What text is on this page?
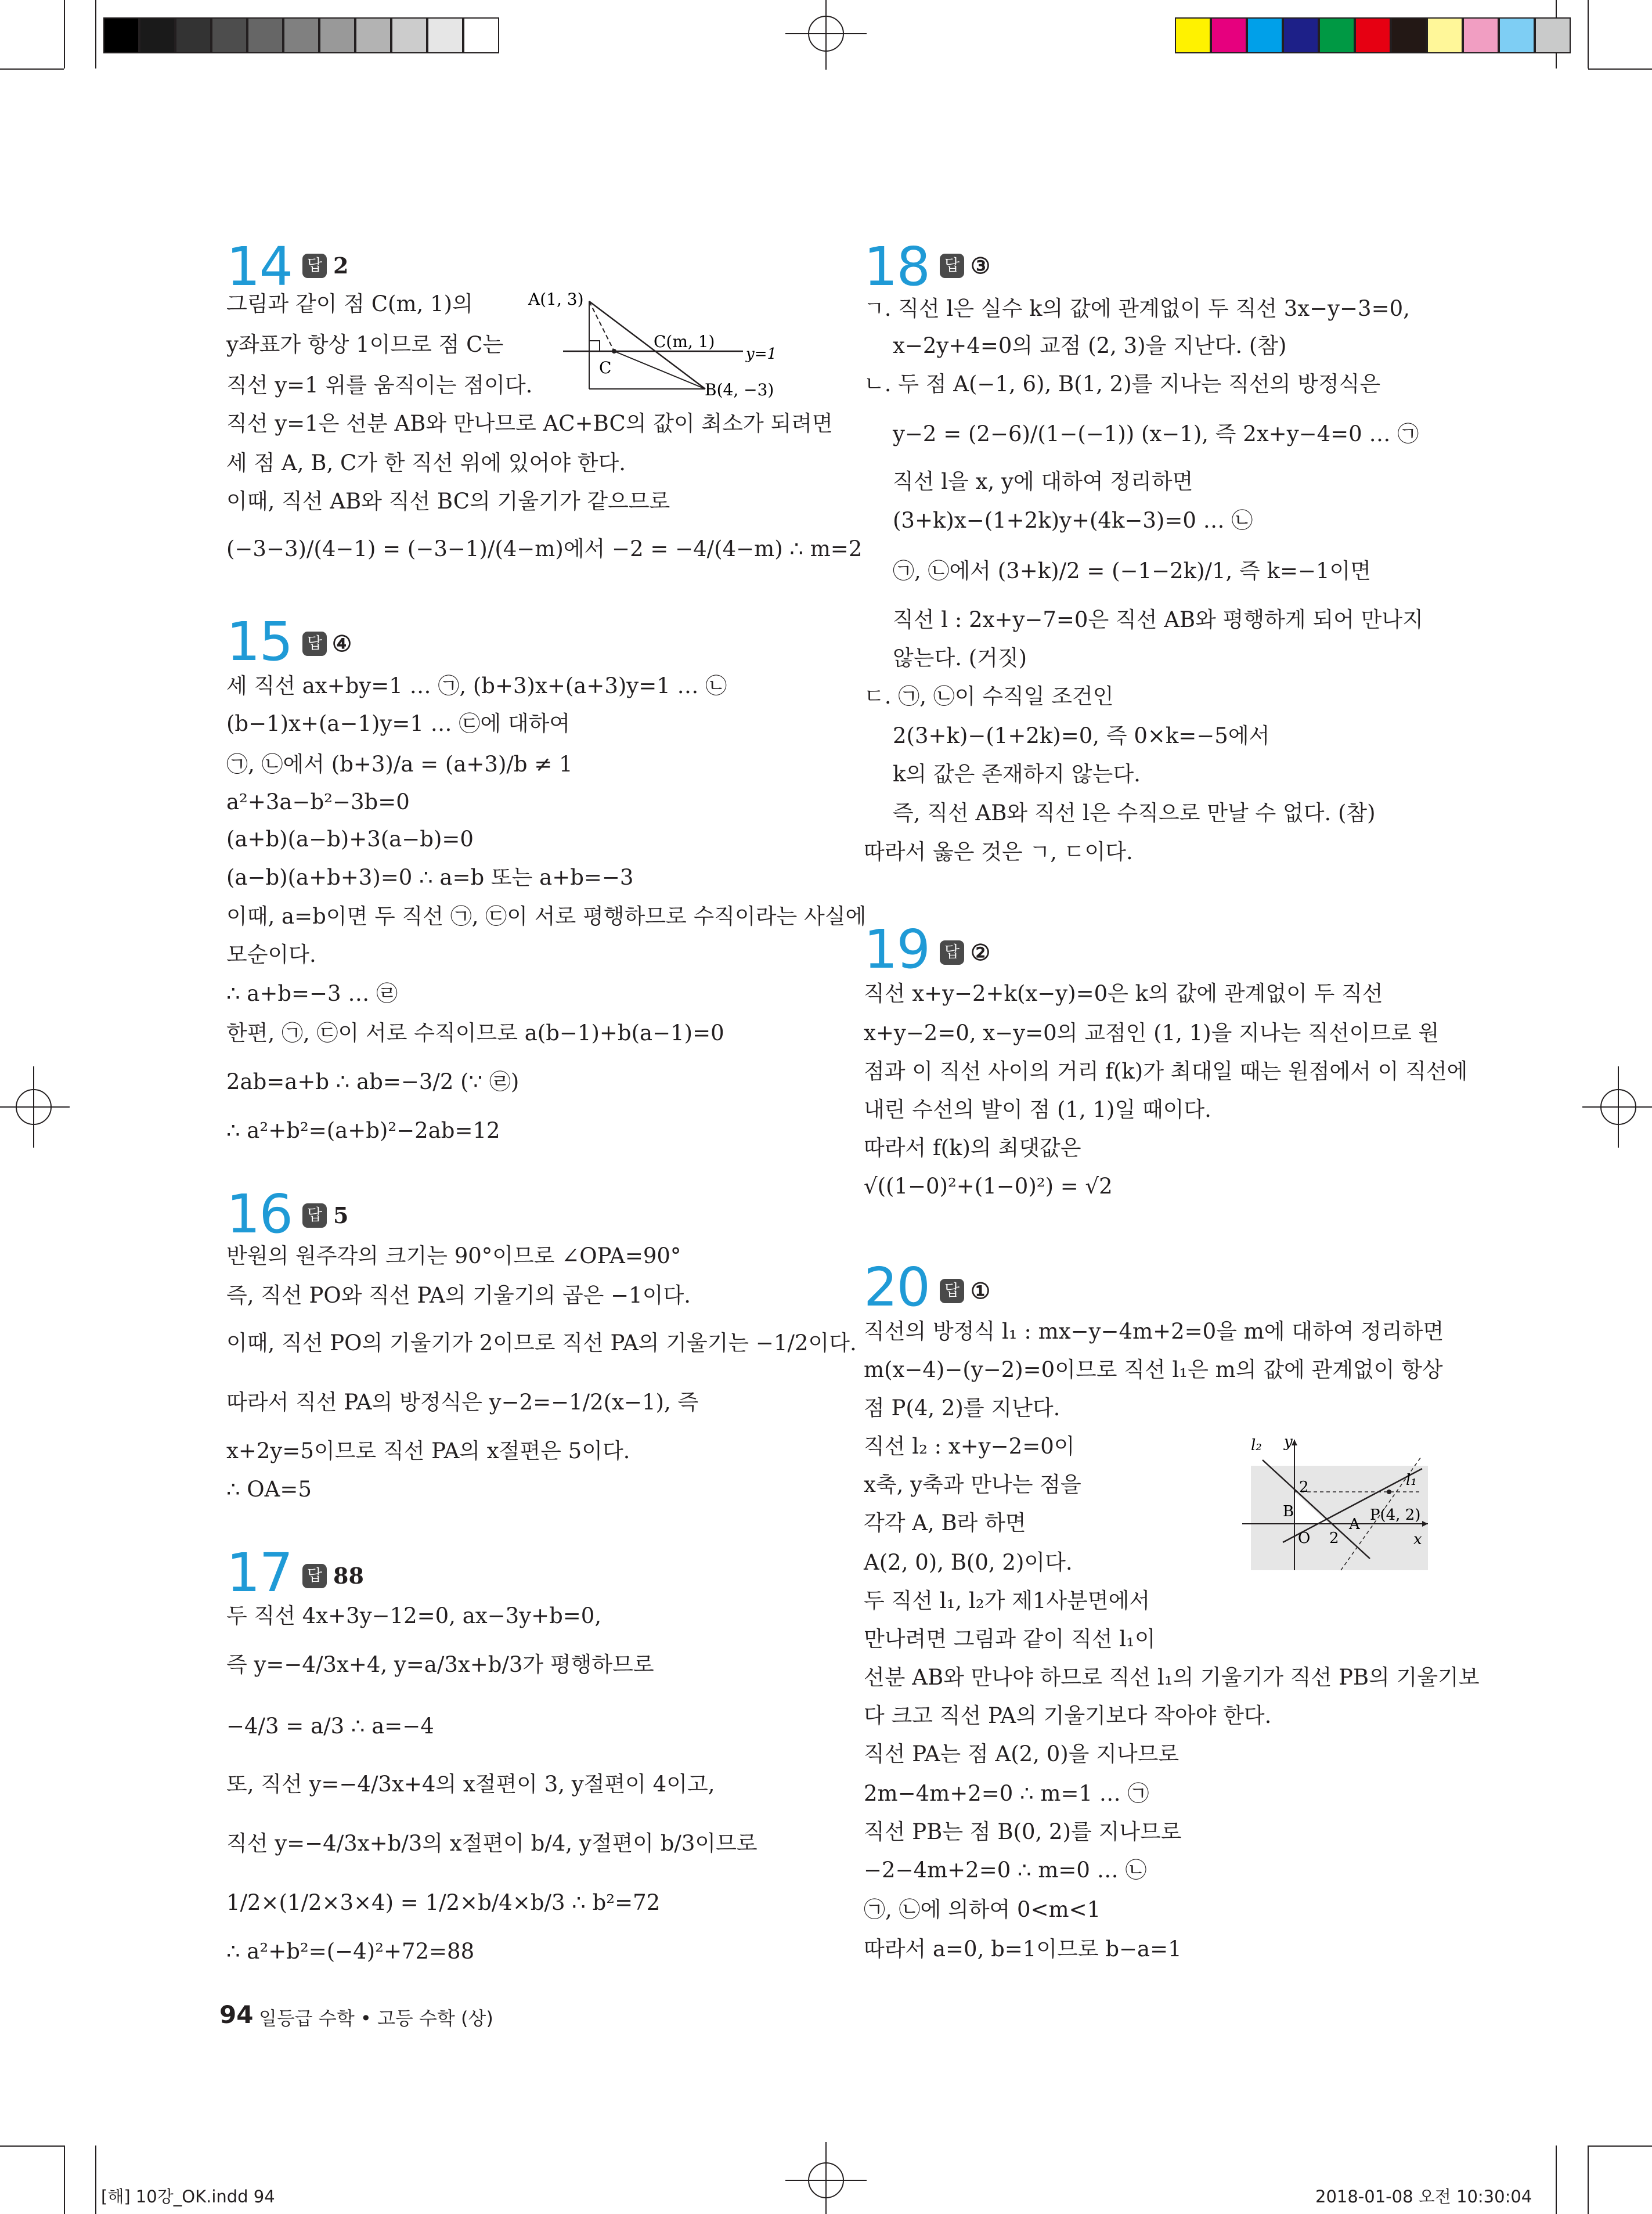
14 답 2
그림과 같이 점 C(m, 1)의
y좌표가 항상 1이므로 점 C는
직선 y=1 위를 움직이는 점이다.
직선 y=1은 선분 AB와 만나므로 AC+BC의 값이 최소가 되려면
세 점 A, B, C가 한 직선 위에 있어야 한다.
이때, 직선 AB와 직선 BC의 기울기가 같으므로
(−3−3)/(4−1) = (−3−1)/(4−m)에서 −2 = −4/(4−m) ∴ m=2
A(1, 3)
C(m, 1)
C
B(4, −3)
y=1
15 답 ④
세 직선 ax+by=1 … ㉠, (b+3)x+(a+3)y=1 … ㉡
(b−1)x+(a−1)y=1 … ㉢에 대하여
㉠, ㉡에서 (b+3)/a = (a+3)/b ≠ 1
a²+3a−b²−3b=0
(a+b)(a−b)+3(a−b)=0
(a−b)(a+b+3)=0 ∴ a=b 또는 a+b=−3
이때, a=b이면 두 직선 ㉠, ㉢이 서로 평행하므로 수직이라는 사실에
모순이다.
∴ a+b=−3 … ㉣
한편, ㉠, ㉢이 서로 수직이므로 a(b−1)+b(a−1)=0
2ab=a+b ∴ ab=−3/2 (∵ ㉣)
∴ a²+b²=(a+b)²−2ab=12
16 답 5
반원의 원주각의 크기는 90°이므로 ∠OPA=90°
즉, 직선 PO와 직선 PA의 기울기의 곱은 −1이다.
이때, 직선 PO의 기울기가 2이므로 직선 PA의 기울기는 −1/2이다.
따라서 직선 PA의 방정식은 y−2=−1/2(x−1), 즉
x+2y=5이므로 직선 PA의 x절편은 5이다.
∴ OA=5
17 답 88
두 직선 4x+3y−12=0, ax−3y+b=0,
즉 y=−4/3x+4, y=a/3x+b/3가 평행하므로
−4/3 = a/3 ∴ a=−4
또, 직선 y=−4/3x+4의 x절편이 3, y절편이 4이고,
직선 y=−4/3x+b/3의 x절편이 b/4, y절편이 b/3이므로
1/2×(1/2×3×4) = 1/2×b/4×b/3 ∴ b²=72
∴ a²+b²=(−4)²+72=88
18 답 ③
ㄱ. 직선 l은 실수 k의 값에 관계없이 두 직선 3x−y−3=0,
x−2y+4=0의 교점 (2, 3)을 지난다. (참)
ㄴ. 두 점 A(−1, 6), B(1, 2)를 지나는 직선의 방정식은
y−2 = (2−6)/(1−(−1)) (x−1), 즉 2x+y−4=0 … ㉠
직선 l을 x, y에 대하여 정리하면
(3+k)x−(1+2k)y+(4k−3)=0 … ㉡
㉠, ㉡에서 (3+k)/2 = (−1−2k)/1, 즉 k=−1이면
직선 l : 2x+y−7=0은 직선 AB와 평행하게 되어 만나지
않는다. (거짓)
ㄷ. ㉠, ㉡이 수직일 조건인
2(3+k)−(1+2k)=0, 즉 0×k=−5에서
k의 값은 존재하지 않는다.
즉, 직선 AB와 직선 l은 수직으로 만날 수 없다. (참)
따라서 옳은 것은 ㄱ, ㄷ이다.
19 답 ②
직선 x+y−2+k(x−y)=0은 k의 값에 관계없이 두 직선
x+y−2=0, x−y=0의 교점인 (1, 1)을 지나는 직선이므로 원
점과 이 직선 사이의 거리 f(k)가 최대일 때는 원점에서 이 직선에
내린 수선의 발이 점 (1, 1)일 때이다.
따라서 f(k)의 최댓값은
√((1−0)²+(1−0)²) = √2
20 답 ①
직선의 방정식 l₁ : mx−y−4m+2=0을 m에 대하여 정리하면
m(x−4)−(y−2)=0이므로 직선 l₁은 m의 값에 관계없이 항상
점 P(4, 2)를 지난다.
직선 l₂ : x+y−2=0이
x축, y축과 만나는 점을
각각 A, B라 하면
A(2, 0), B(0, 2)이다.
두 직선 l₁, l₂가 제1사분면에서
만나려면 그림과 같이 직선 l₁이
선분 AB와 만나야 하므로 직선 l₁의 기울기가 직선 PB의 기울기보
다 크고 직선 PA의 기울기보다 작아야 한다.
직선 PA는 점 A(2, 0)을 지나므로
2m−4m+2=0 ∴ m=1 … ㉠
직선 PB는 점 B(0, 2)를 지나므로
−2−4m+2=0 ∴ m=0 … ㉡
㉠, ㉡에 의하여 0<m<1
따라서 a=0, b=1이므로 b−a=1
l₂ y
l₁
2
B	P(4, 2)
A
O 2	x
94 일등급 수학 • 고등 수학 (상)
[해] 10강_OK.indd 94	2018-01-08 오전 10:30:04
